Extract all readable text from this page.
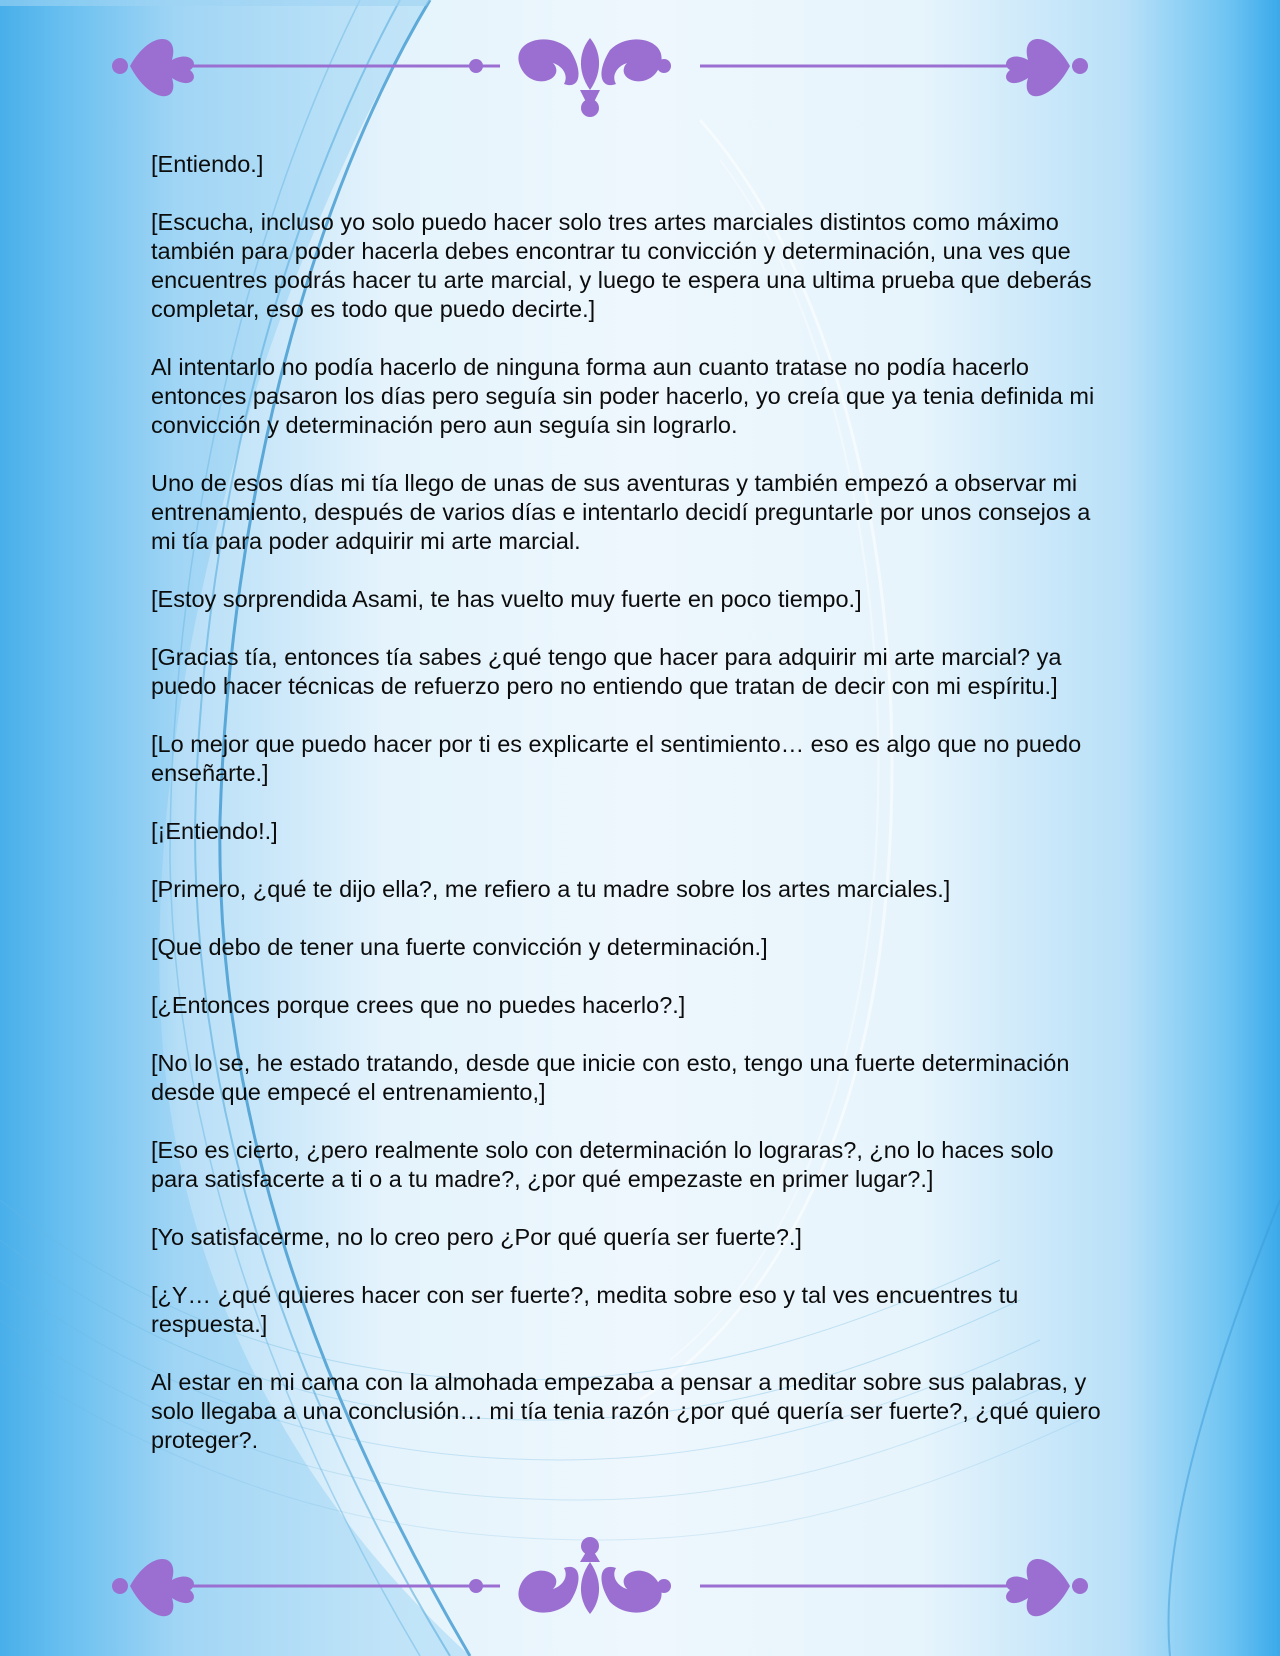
[Entiendo.]

[Escucha, incluso yo solo puedo hacer solo tres artes marciales distintos como máximo también para poder hacerla debes encontrar tu convicción y determinación, una ves que encuentres podrás hacer tu arte marcial, y luego te espera una ultima prueba que deberás completar, eso es todo que puedo decirte.]

Al intentarlo no podía hacerlo de ninguna forma aun cuanto tratase no podía hacerlo entonces pasaron los días pero seguía sin poder hacerlo, yo creía que ya tenia definida mi convicción y determinación pero aun seguía sin lograrlo.

Uno de esos días mi tía llego de unas de sus aventuras y también empezó a observar mi entrenamiento, después de varios días e intentarlo decidí preguntarle por unos consejos a mi tía para poder adquirir mi arte marcial.

[Estoy sorprendida Asami, te has vuelto muy fuerte en poco tiempo.]

[Gracias tía, entonces tía sabes ¿qué tengo que hacer para adquirir mi arte marcial? ya puedo hacer técnicas de refuerzo pero no entiendo que tratan de decir con mi espíritu.]

[Lo mejor que puedo hacer por ti es explicarte el sentimiento… eso es algo que no puedo enseñarte.]

[¡Entiendo!.]

[Primero, ¿qué te dijo ella?, me refiero a tu madre sobre los artes marciales.]

[Que debo de tener una fuerte convicción y determinación.]

[¿Entonces porque crees que no puedes hacerlo?.]

[No lo se, he estado tratando, desde que inicie con esto, tengo una fuerte determinación desde que empecé el entrenamiento,]

[Eso es cierto, ¿pero realmente solo con determinación lo lograras?, ¿no lo haces solo para satisfacerte a ti o a tu madre?, ¿por qué empezaste en primer lugar?.]

[Yo satisfacerme, no lo creo pero ¿Por qué quería ser fuerte?.]

[¿Y… ¿qué quieres hacer con ser fuerte?, medita sobre eso y tal ves encuentres tu respuesta.]

Al estar en mi cama con la almohada empezaba a pensar a meditar sobre sus palabras, y solo llegaba a una conclusión… mi tía tenia razón ¿por qué quería ser fuerte?, ¿qué quiero proteger?.
